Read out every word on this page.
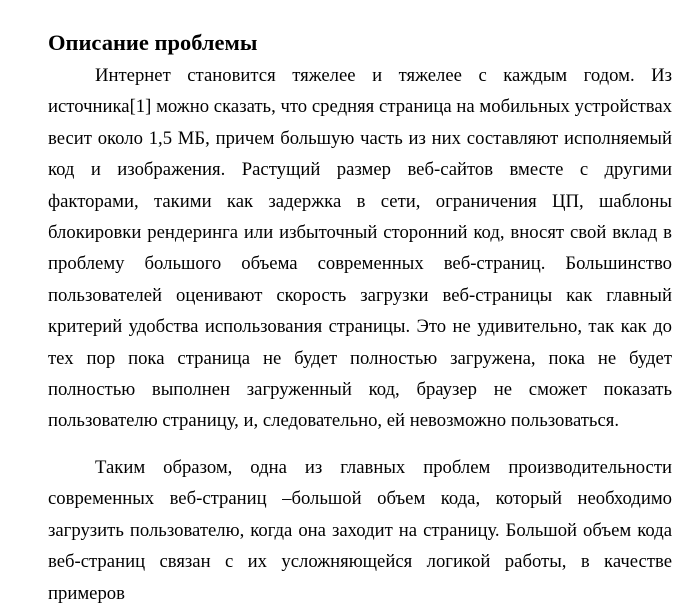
Описание проблемы

Интернет становится тяжелее и тяжелее с каждым годом. Из источника[1] можно сказать, что средняя страница на мобильных устройствах весит около 1,5 МБ, причем большую часть из них составляют исполняемый код и изображения. Растущий размер веб-сайтов вместе с другими факторами, такими как задержка в сети, ограничения ЦП, шаблоны блокировки рендеринга или избыточный сторонний код, вносят свой вклад в проблему большого объема современных веб-страниц. Большинство пользователей оценивают скорость загрузки веб-страницы как главный критерий удобства использования страницы. Это не удивительно, так как до тех пор пока страница не будет полностью загружена, пока не будет полностью выполнен загруженный код, браузер не сможет показать пользователю страницу, и, следовательно, ей невозможно пользоваться.

Таким образом, одна из главных проблем производительности современных веб-страниц –большой объем кода, который необходимо загрузить пользователю, когда она заходит на страницу. Большой объем кода веб-страниц связан с их усложняющейся логикой работы, в качестве примеров
